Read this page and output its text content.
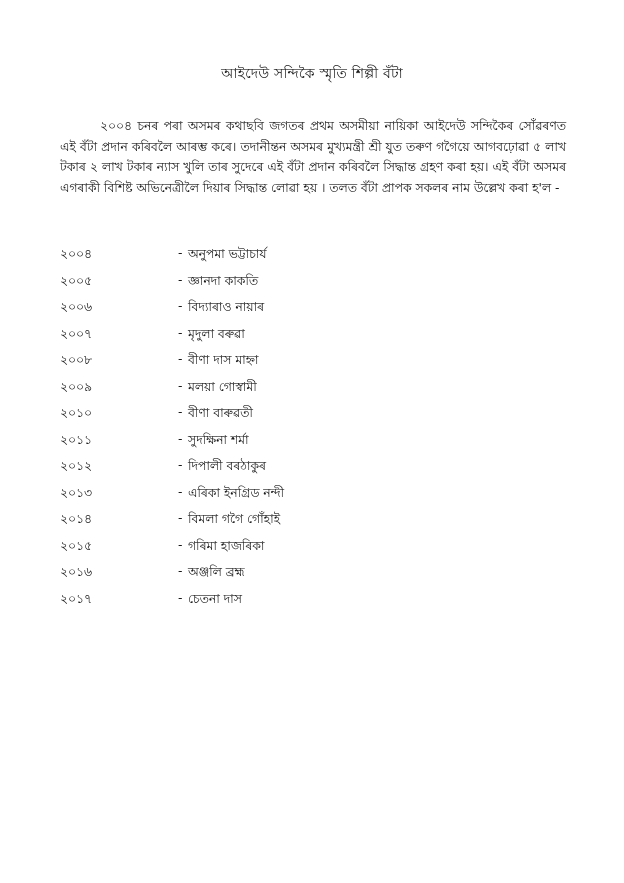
আইদেউ সন্দিকৈ স্মৃতি শিল্পী বঁটা

২০০৪ চনৰ পৰা অসমৰ কথাছবি জগতৰ প্ৰথম অসমীয়া নায়িকা আইদেউ সন্দিকৈৰ সোঁৱৰণত এই বঁটা প্ৰদান কৰিবলৈ আৰম্ভ কৰে। তদানীন্তন অসমৰ মুখ্যমন্ত্ৰী শ্ৰী যুত তৰুণ গগৈয়ে আগবঢ়োৱা ৫ লাখ টকাৰ ২ লাখ টকাৰ ন্যাস খুলি তাৰ সুদেৰে এই বঁটা প্ৰদান কৰিবলৈ সিদ্ধান্ত গ্ৰহণ কৰা হয়। এই বঁটা অসমৰ এগৰাকী বিশিষ্ট অভিনেত্ৰীলৈ দিয়াৰ সিদ্ধান্ত লোৱা হয় । তলত বঁটা প্ৰাপক সকলৰ নাম উল্লেখ কৰা হ'ল -

২০০৪	- অনুপমা ভট্টাচাৰ্য
২০০৫	- জ্ঞানদা কাকতি
২০০৬	- বিদ্যাৰাও নায়াৰ
২০০৭	- মৃদুলা বৰুৱা
২০০৮	- বীণা দাস মাহ্না
২০০৯	- মলয়া গোস্বামী
২০১০	- বীণা বাৰুৱতী
২০১১	- সুদক্ষিনা শৰ্মা
২০১২	- দিপালী বৰঠাকুৰ
২০১৩	- এৰিকা ইনগ্ৰিড নন্দী
২০১৪	- বিমলা গগৈ গোঁহাই
২০১৫	- গৰিমা হাজৰিকা
২০১৬	- অঞ্জলি ব্ৰহ্ম
২০১৭	- চেতনা দাস
